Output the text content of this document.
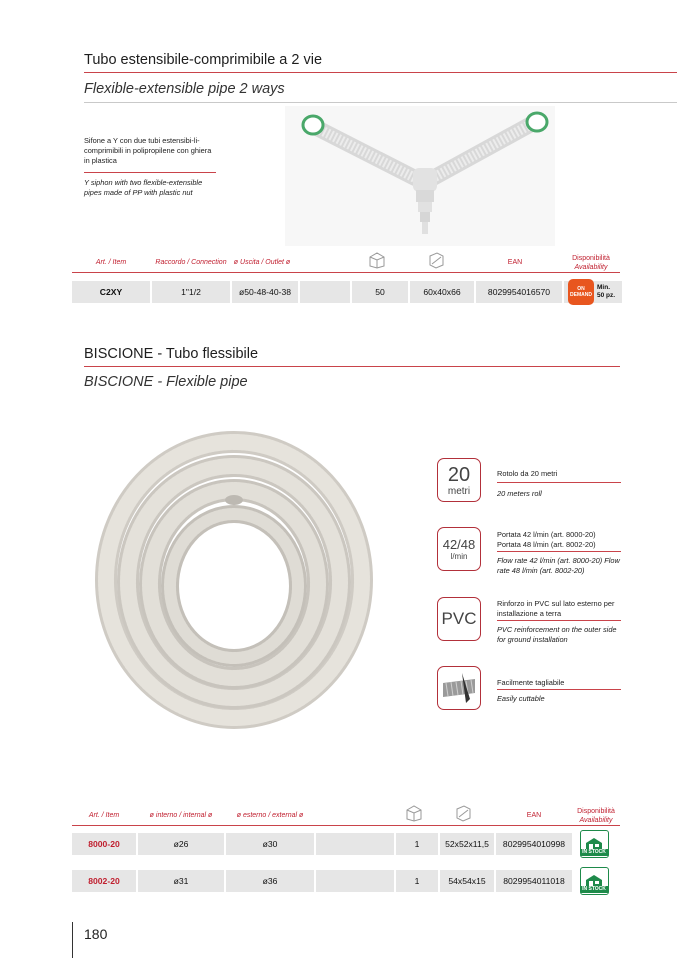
Tubo estensibile-comprimibile a 2 vie
Flexible-extensible pipe 2 ways
Sifone a Y con due tubi estensibi-li-comprimibili in polipropilene con ghiera in plastica
Y siphon with two flexible-extensible pipes made of PP with plastic nut
Art. / Item	Raccordo / Connection	ø Uscita / Outlet ø	EAN
Disponibilità
Availability
C2XY	1"1/2	ø50-48-40-38	50	60x40x66	8029954016570	ON DEMAND
Min. 50 pz.
BISCIONE - Tubo flessibile
BISCIONE - Flexible pipe
20
metri
Rotolo da 20 metri
20 meters roll
42/48
l/min
Portata 42 l/min (art. 8000-20) Portata 48 l/min (art. 8002-20)
Flow rate 42 l/min (art. 8000-20) Flow rate 48 l/min (art. 8002-20)
PVC
Rinforzo in PVC sul lato esterno per installazione a terra
PVC reinforcement on the outer side for ground installation
Facilmente tagliabile
Easily cuttable
Art. / Item	ø interno / internal ø	ø esterno / external ø	EAN
Disponibilità
Availability
8000-20	ø26	ø30	1	52x52x11,5	8029954010998
IN STOCK
8002-20	ø31	ø36	1	54x54x15	8029954011018
IN STOCK
180
